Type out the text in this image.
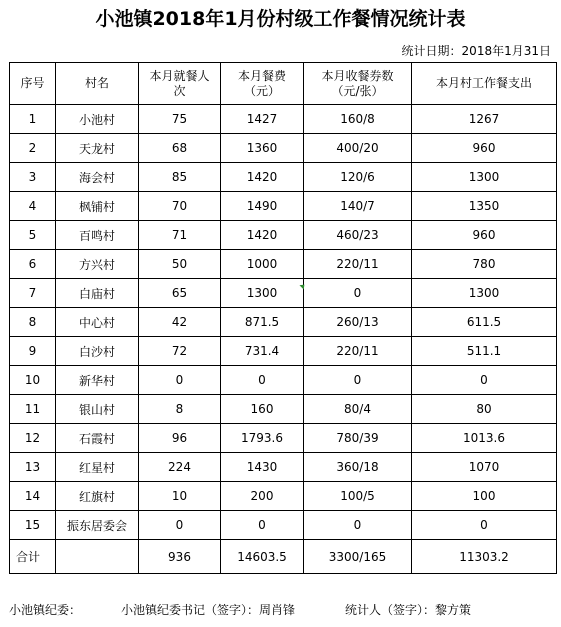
小池镇2018年1月份村级工作餐情况统计表
统计日期：2018年1月31日
序号	村名	本月就餐人次	本月餐费（元）	本月收餐券数（元/张）	本月村工作餐支出
1	小池村	75	1427	160/8	1267
2	天龙村	68	1360	400/20	960
3	海会村	85	1420	120/6	1300
4	枫铺村	70	1490	140/7	1350
5	百鸣村	71	1420	460/23	960
6	方兴村	50	1000	220/11	780
7	白庙村	65	1300	0	1300
8	中心村	42	871.5	260/13	611.5
9	白沙村	72	731.4	220/11	511.1
10	新华村	0	0	0	0
11	银山村	8	160	80/4	80
12	石霞村	96	1793.6	780/39	1013.6
13	红星村	224	1430	360/18	1070
14	红旗村	10	200	100/5	100
15	振东居委会	0	0	0	0
合计		936	14603.5	3300/165	11303.2
小池镇纪委：	小池镇纪委书记（签字）：周肖锋	统计人（签字）：黎方策
